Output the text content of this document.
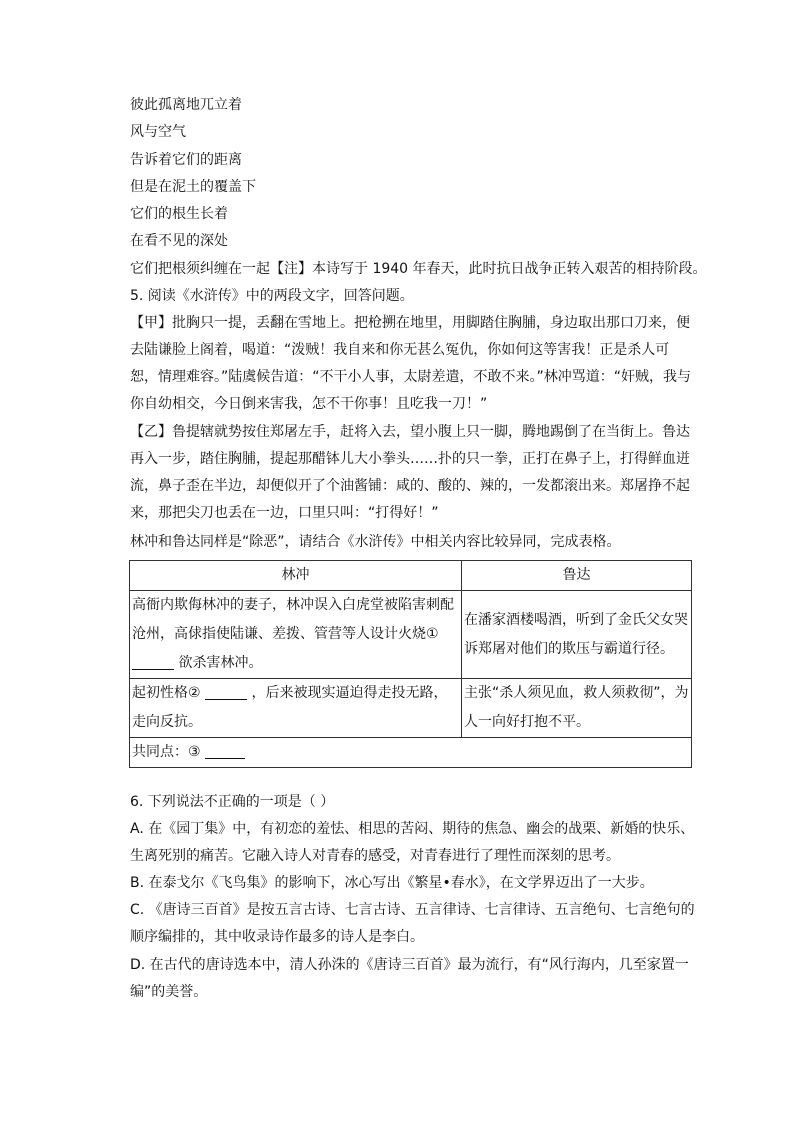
彼此孤离地兀立着
风与空气
告诉着它们的距离
但是在泥土的覆盖下
它们的根生长着
在看不见的深处
它们把根须纠缠在一起【注】本诗写于 1940 年春天，此时抗日战争正转入艰苦的相持阶段。
5. 阅读《水浒传》中的两段文字，回答问题。
【甲】批胸只一提，丢翻在雪地上。把枪搠在地里，用脚踏住胸脯，身边取出那口刀来，便去陆谦脸上阁着，喝道：“泼贼！我自来和你无甚么冤仇，你如何这等害我！正是杀人可恕，情理难容。”陆虞候告道：“不干小人事，太尉差遣，不敢不来。”林冲骂道：“奸贼，我与你自幼相交，今日倒来害我，怎不干你事！且吃我一刀！”
【乙】鲁提辖就势按住郑屠左手，赶将入去，望小腹上只一脚，腾地踢倒了在当街上。鲁达再入一步，踏住胸脯，提起那醋钵儿大小拳头……扑的只一拳，正打在鼻子上，打得鲜血迸流，鼻子歪在半边，却便似开了个油酱铺：咸的、酸的、辣的，一发都滚出来。郑屠挣不起来，那把尖刀也丢在一边，口里只叫：“打得好！”
林冲和鲁达同样是“除恶”，请结合《水浒传》中相关内容比较异同，完成表格。
林冲	鲁达
高衙内欺侮林冲的妻子，林冲误入白虎堂被陷害刺配沧州，高俅指使陆谦、差拨、管营等人设计火烧①
欲杀害林冲。	在潘家酒楼喝酒，听到了金氏父女哭诉郑屠对他们的欺压与霸道行径。
起初性格② ，后来被现实逼迫得走投无路，走向反抗。	主张“杀人须见血，救人须救彻”，为人一向好打抱不平。
共同点：③	
6. 下列说法不正确的一项是（ ）
A. 在《园丁集》中，有初恋的羞怯、相思的苦闷、期待的焦急、幽会的战栗、新婚的快乐、生离死别的痛苦。它融入诗人对青春的感受，对青春进行了理性而深刻的思考。
B. 在泰戈尔《飞鸟集》的影响下，冰心写出《繁星•春水》，在文学界迈出了一大步。
C. 《唐诗三百首》是按五言古诗、七言古诗、五言律诗、七言律诗、五言绝句、七言绝句的顺序编排的，其中收录诗作最多的诗人是李白。
D. 在古代的唐诗选本中，清人孙洙的《唐诗三百首》最为流行，有“风行海内，几至家置一编”的美誉。
